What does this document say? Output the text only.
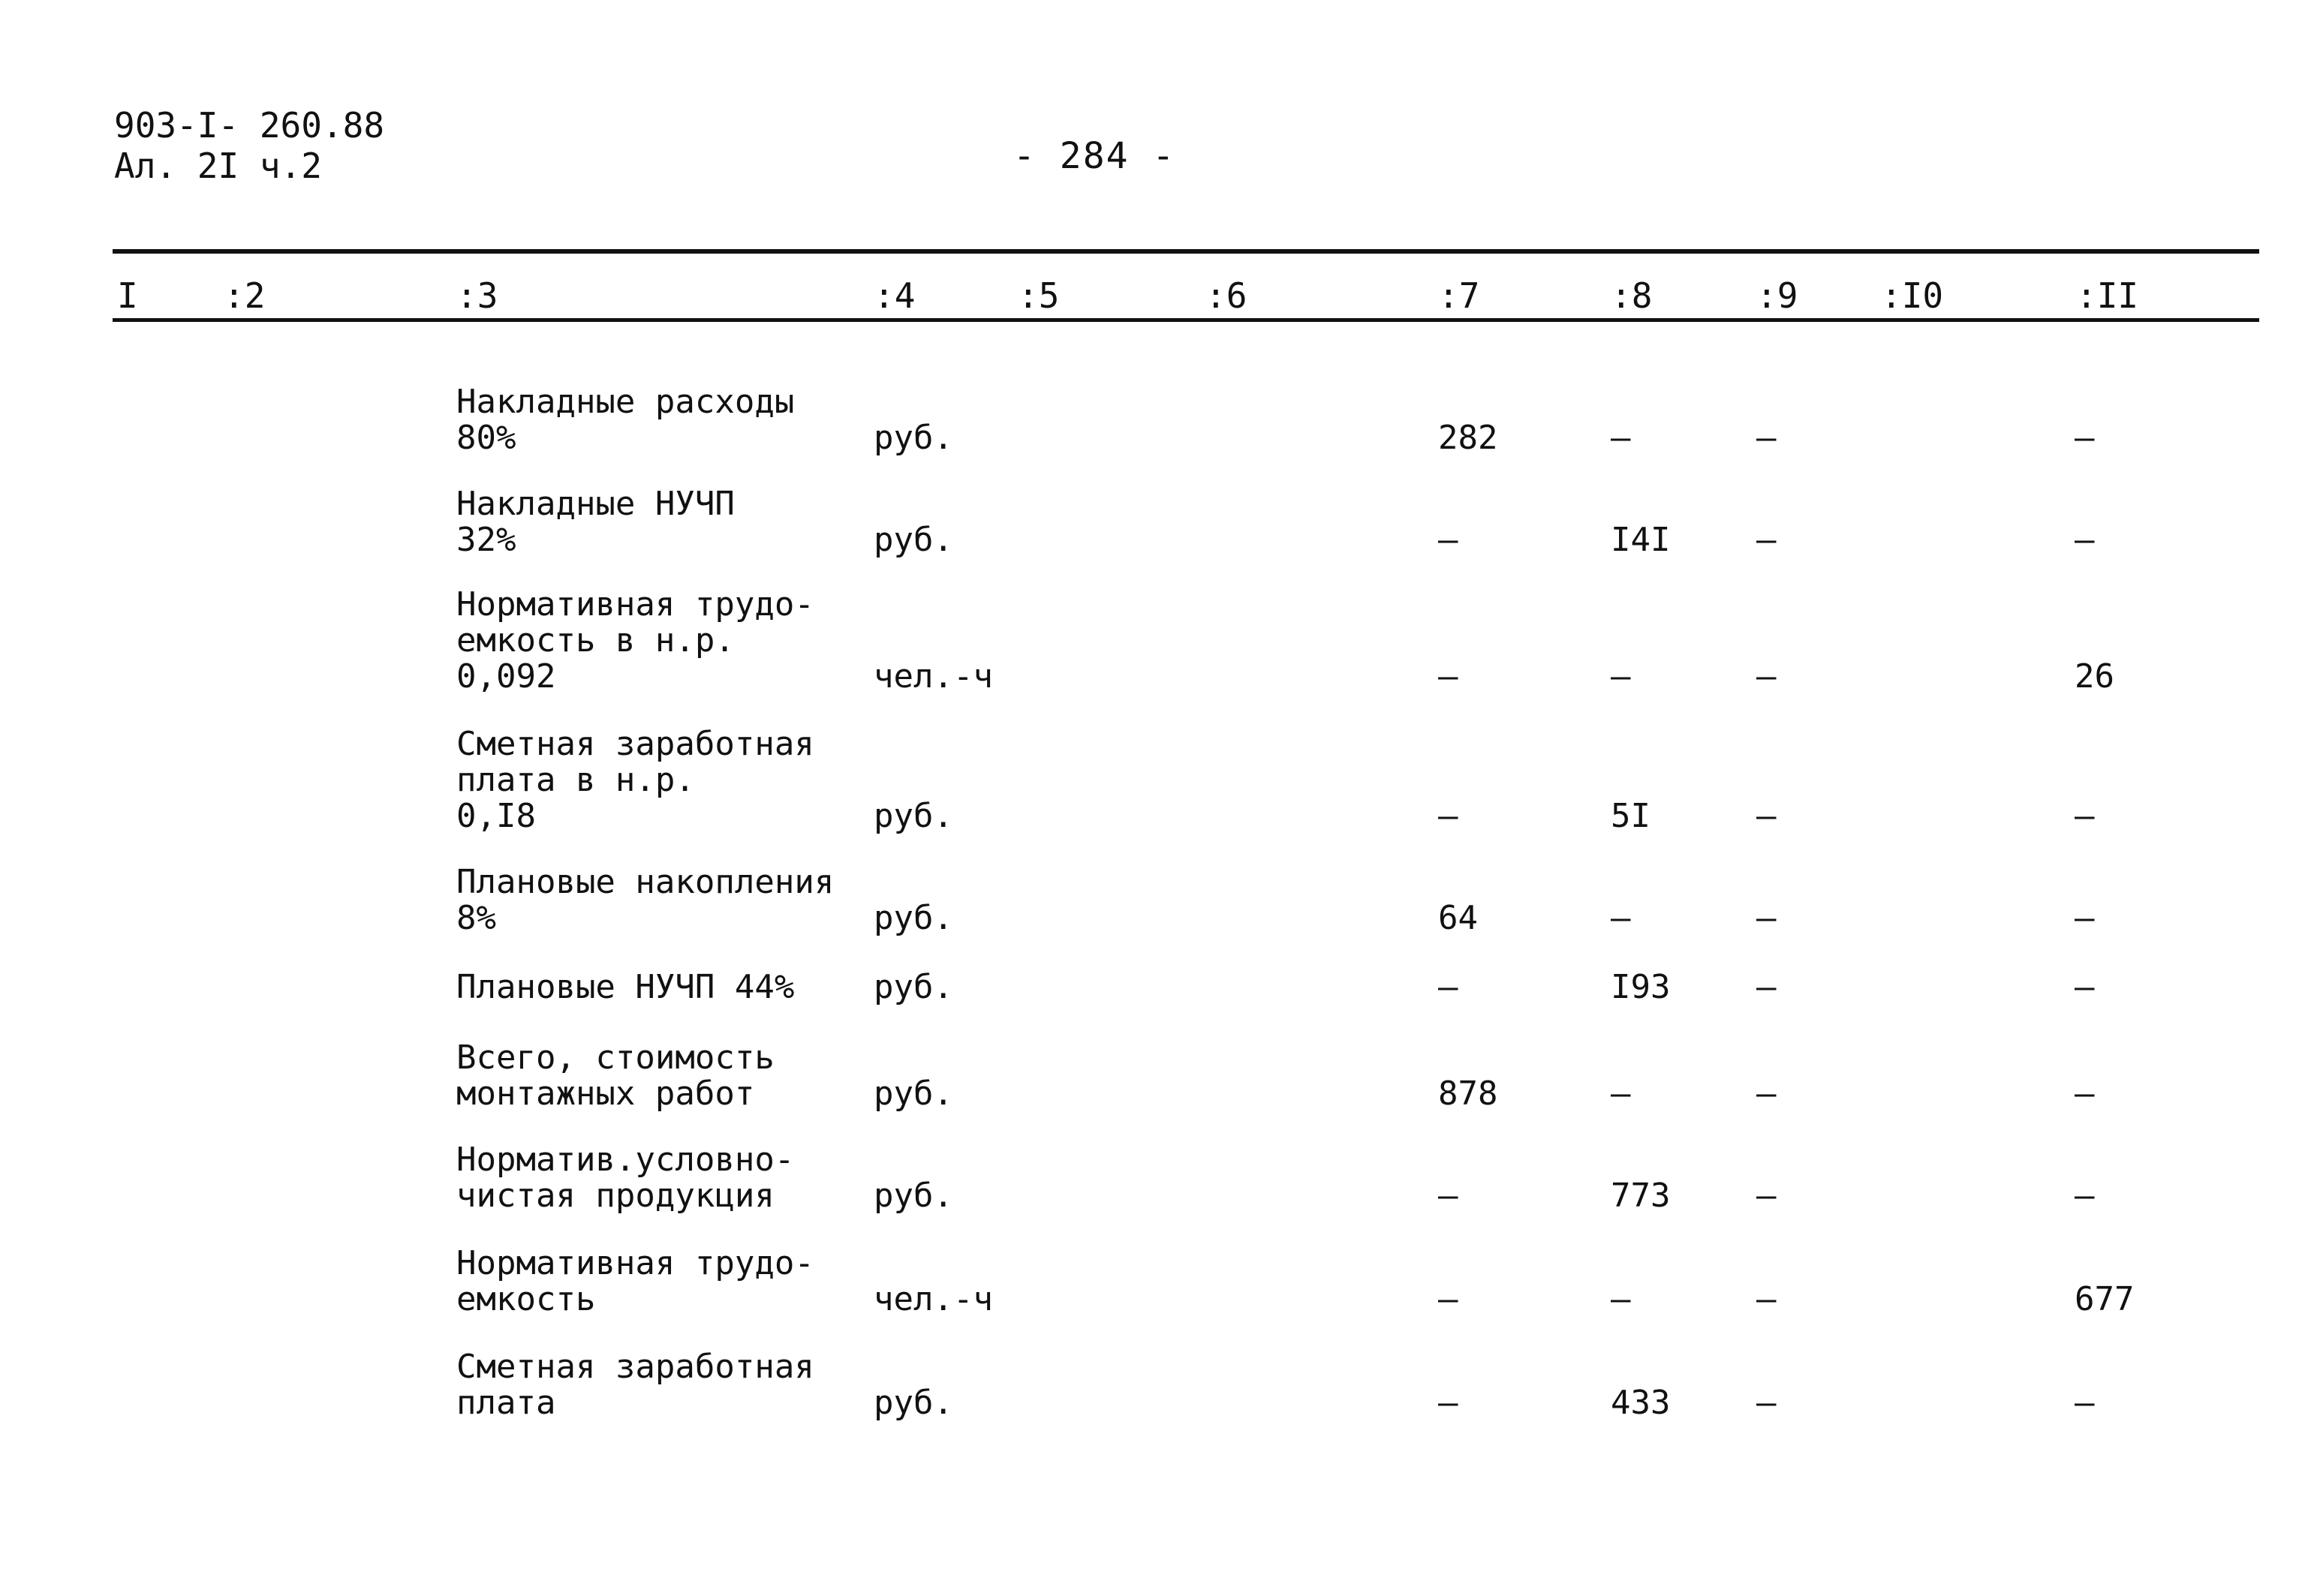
903-I- 260.88
Ал. 2I ч.2	- 284 -
I :2	:3	:4	:5	:6	:7	:8	:9 :I0	:II
Накладные расходы
80%	руб.	282	–	–	–
Накладные НУЧП
32%	руб.	–	I4I	–	–
Нормативная трудо-
емкость в н.р.
0,092	чел.-ч	–	–	–	26
Сметная заработная
плата в н.р.
0,I8	руб.	–	5I	–	–
Плановые накопления
8%	руб.	64	–	–	–
Плановые НУЧП 44% руб.	–	I93	–	–
Всего, стоимость
монтажных работ	руб.	878	–	–	–
Норматив.условно-
чистая продукция	руб.	–	773	–	–
Нормативная трудо-
емкость	чел.-ч	–	–	–	677
Сметная заработная
плата	руб.	–	433	–	–
